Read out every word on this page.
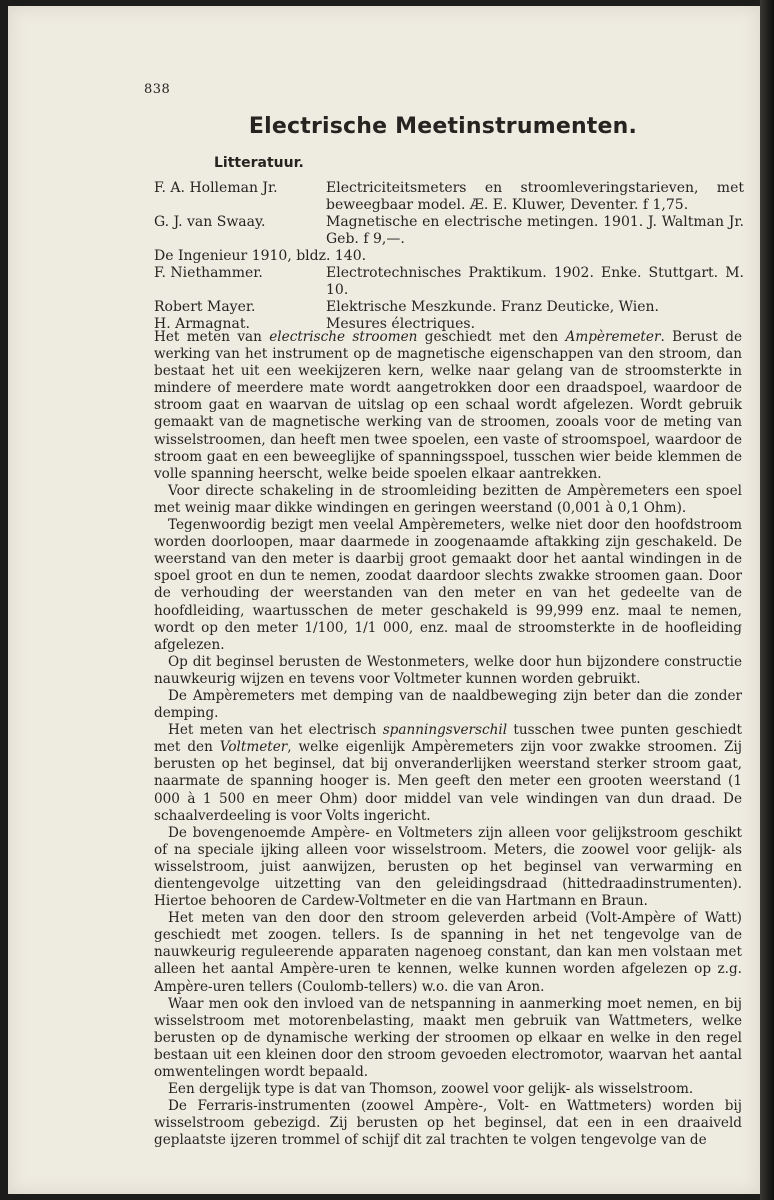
838
Electrische Meetinstrumenten.
Litteratuur.
F. A. Holleman Jr.	Electriciteitsmeters en stroomleveringstarieven, met beweegbaar model. Æ. E. Kluwer, Deventer. f 1,75.
G. J. van Swaay.	Magnetische en electrische metingen. 1901. J. Waltman Jr. Geb. f 9,—.
De Ingenieur 1910, bldz. 140.
F. Niethammer.	Electrotechnisches Praktikum. 1902. Enke. Stuttgart. M. 10.
Robert Mayer.	Elektrische Meszkunde. Franz Deuticke, Wien.
H. Armagnat.	Mesures électriques.

Het meten van electrische stroomen geschiedt met den Ampèremeter. Berust de werking van het instrument op de magnetische eigenschappen van den stroom, dan bestaat het uit een weekijzeren kern, welke naar gelang van de stroomsterkte in mindere of meerdere mate wordt aangetrokken door een draadspoel, waardoor de stroom gaat en waarvan de uitslag op een schaal wordt afgelezen. Wordt gebruik gemaakt van de magnetische werking van de stroomen, zooals voor de meting van wisselstroomen, dan heeft men twee spoelen, een vaste of stroomspoel, waardoor de stroom gaat en een beweeglijke of spanningsspoel, tusschen wier beide klemmen de volle spanning heerscht, welke beide spoelen elkaar aantrekken.

Voor directe schakeling in de stroomleiding bezitten de Ampèremeters een spoel met weinig maar dikke windingen en geringen weerstand (0,001 à 0,1 Ohm).

Tegenwoordig bezigt men veelal Ampèremeters, welke niet door den hoofdstroom worden doorloopen, maar daarmede in zoogenaamde aftakking zijn geschakeld. De weerstand van den meter is daarbij groot gemaakt door het aantal windingen in de spoel groot en dun te nemen, zoodat daardoor slechts zwakke stroomen gaan. Door de verhouding der weerstanden van den meter en van het gedeelte van de hoofdleiding, waartusschen de meter geschakeld is 99,999 enz. maal te nemen, wordt op den meter 1/100, 1/1 000, enz. maal de stroomsterkte in de hoofleiding afgelezen.

Op dit beginsel berusten de Westonmeters, welke door hun bijzondere constructie nauwkeurig wijzen en tevens voor Voltmeter kunnen worden gebruikt.

De Ampèremeters met demping van de naaldbeweging zijn beter dan die zonder demping.

Het meten van het electrisch spanningsverschil tusschen twee punten geschiedt met den Voltmeter, welke eigenlijk Ampèremeters zijn voor zwakke stroomen. Zij berusten op het beginsel, dat bij onveranderlijken weerstand sterker stroom gaat, naarmate de spanning hooger is. Men geeft den meter een grooten weerstand (1 000 à 1 500 en meer Ohm) door middel van vele windingen van dun draad. De schaalverdeeling is voor Volts ingericht.

De bovengenoemde Ampère- en Voltmeters zijn alleen voor gelijkstroom geschikt of na speciale ijking alleen voor wisselstroom. Meters, die zoowel voor gelijk- als wisselstroom, juist aanwijzen, berusten op het beginsel van verwarming en dientengevolge uitzetting van den geleidingsdraad (hittedraadinstrumenten). Hiertoe behooren de Cardew-Voltmeter en die van Hartmann en Braun.

Het meten van den door den stroom geleverden arbeid (Volt-Ampère of Watt) geschiedt met zoogen. tellers. Is de spanning in het net tengevolge van de nauwkeurig reguleerende apparaten nagenoeg constant, dan kan men volstaan met alleen het aantal Ampère-uren te kennen, welke kunnen worden afgelezen op z.g. Ampère-uren tellers (Coulomb-tellers) w.o. die van Aron.

Waar men ook den invloed van de netspanning in aanmerking moet nemen, en bij wisselstroom met motorenbelasting, maakt men gebruik van Wattmeters, welke berusten op de dynamische werking der stroomen op elkaar en welke in den regel bestaan uit een kleinen door den stroom gevoeden electromotor, waarvan het aantal omwentelingen wordt bepaald.

Een dergelijk type is dat van Thomson, zoowel voor gelijk- als wisselstroom.

De Ferraris-instrumenten (zoowel Ampère-, Volt- en Wattmeters) worden bij wisselstroom gebezigd. Zij berusten op het beginsel, dat een in een draaiveld geplaatste ijzeren trommel of schijf dit zal trachten te volgen tengevolge van de
